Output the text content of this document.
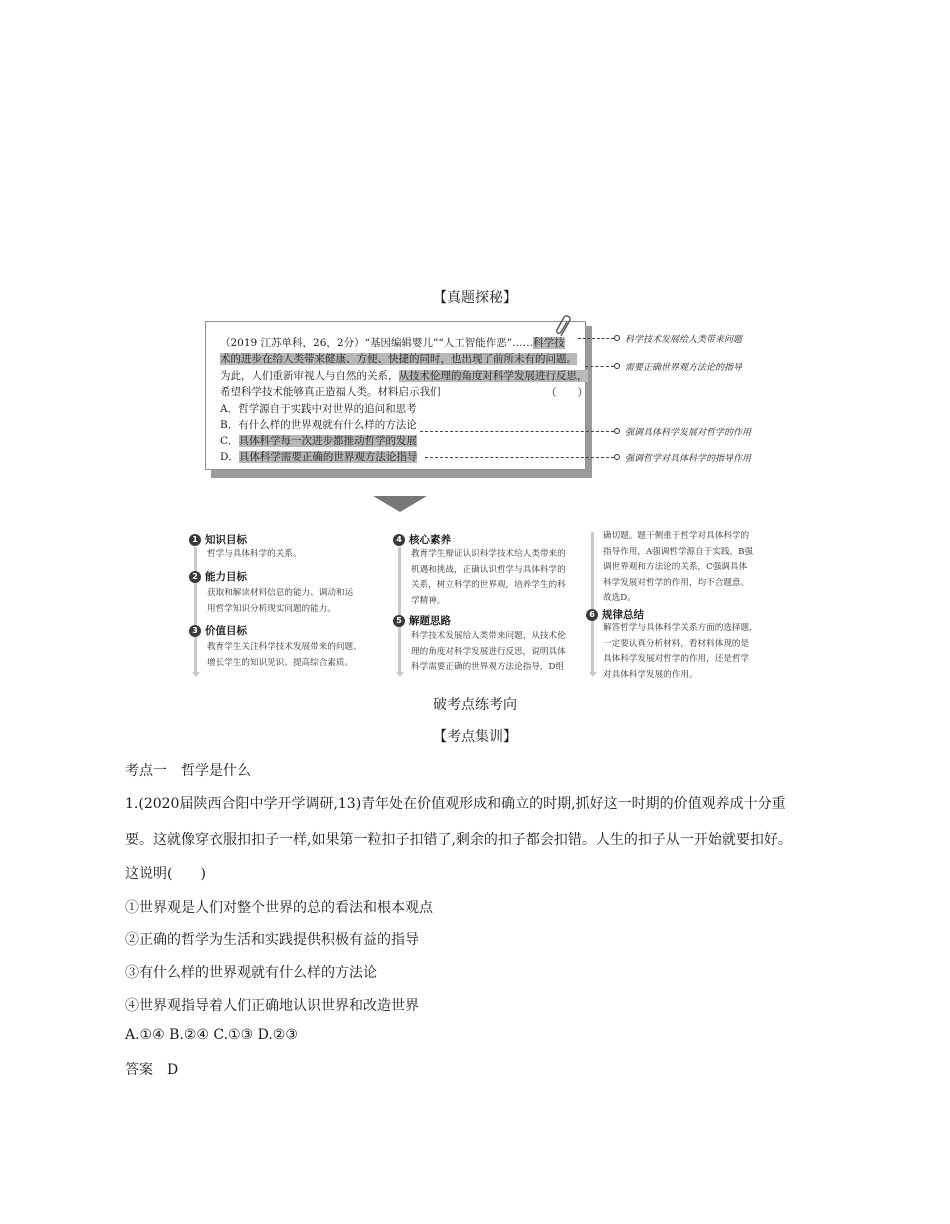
【真题探秘】
（2019 江苏单科，26，2分）“基因编辑婴儿”“人工智能作恶”……科学技
术的进步在给人类带来健康、方便、快捷的同时，也出现了前所未有的问题。
为此，人们重新审视人与自然的关系，从技术伦理的角度对科学发展进行反思，
希望科学技术能够真正造福人类。材料启示我们
A．哲学源自于实践中对世界的追问和思考
B．有什么样的世界观就有什么样的方法论
C．具体科学每一次进步都推动哲学的发展
D．具体科学需要正确的世界观方法论指导
（　　）
科学技术发展给人类带来问题
需要正确世界观方法论的指导
强调具体科学发展对哲学的作用
强调哲学对具体科学的指导作用
1 知识目标
哲学与具体科学的关系。
2 能力目标
获取和解读材料信息的能力、调动和运
用哲学知识分析现实问题的能力。
3 价值目标
教育学生关注科学技术发展带来的问题、
增长学生的知识见识、提高综合素质。
4 核心素养
教育学生辩证认识科学技术给人类带来的
机遇和挑战，正确认识哲学与具体科学的
关系，树立科学的世界观，培养学生的科
学精神。
5 解题思路
科学技术发展给人类带来问题，从技术伦
理的角度对科学发展进行反思，说明具体
科学需要正确的世界观方法论指导，D组
确切题。题干侧重于哲学对具体科学的
指导作用，A强调哲学源自于实践，B强
调世界观和方法论的关系，C强调具体
科学发展对哲学的作用，均不合题意。
故选D。
6 规律总结
解答哲学与具体科学关系方面的选择题,
一定要认真分析材料，看材料体现的是
具体科学发展对哲学的作用，还是哲学
对具体科学发展的作用。
破考点练考向
【考点集训】
考点一　哲学是什么
1.(2020届陕西合阳中学开学调研,13)青年处在价值观形成和确立的时期,抓好这一时期的价值观养成十分重
要。这就像穿衣服扣扣子一样,如果第一粒扣子扣错了,剩余的扣子都会扣错。人生的扣子从一开始就要扣好。
这说明(　　)
①世界观是人们对整个世界的总的看法和根本观点
②正确的哲学为生活和实践提供积极有益的指导
③有什么样的世界观就有什么样的方法论
④世界观指导着人们正确地认识世界和改造世界
A.①④ B.②④ C.①③ D.②③
答案　D
